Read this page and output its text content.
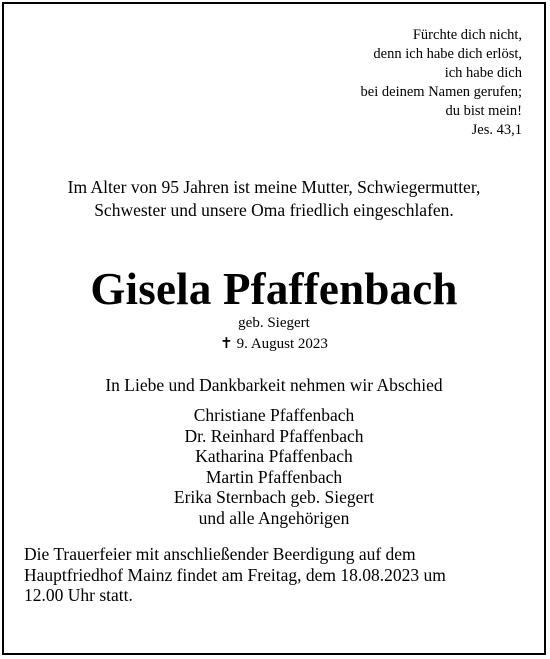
Fürchte dich nicht,
denn ich habe dich erlöst,
ich habe dich
bei deinem Namen gerufen;
du bist mein!
Jes. 43,1
Im Alter von 95 Jahren ist meine Mutter, Schwiegermutter,
Schwester und unsere Oma friedlich eingeschlafen.
Gisela Pfaffenbach
geb. Siegert
✝ 9. August 2023
In Liebe und Dankbarkeit nehmen wir Abschied
Christiane Pfaffenbach
Dr. Reinhard Pfaffenbach
Katharina Pfaffenbach
Martin Pfaffenbach
Erika Sternbach geb. Siegert
und alle Angehörigen
Die Trauerfeier mit anschließender Beerdigung auf dem
Hauptfriedhof Mainz findet am Freitag, dem 18.08.2023 um
12.00 Uhr statt.
